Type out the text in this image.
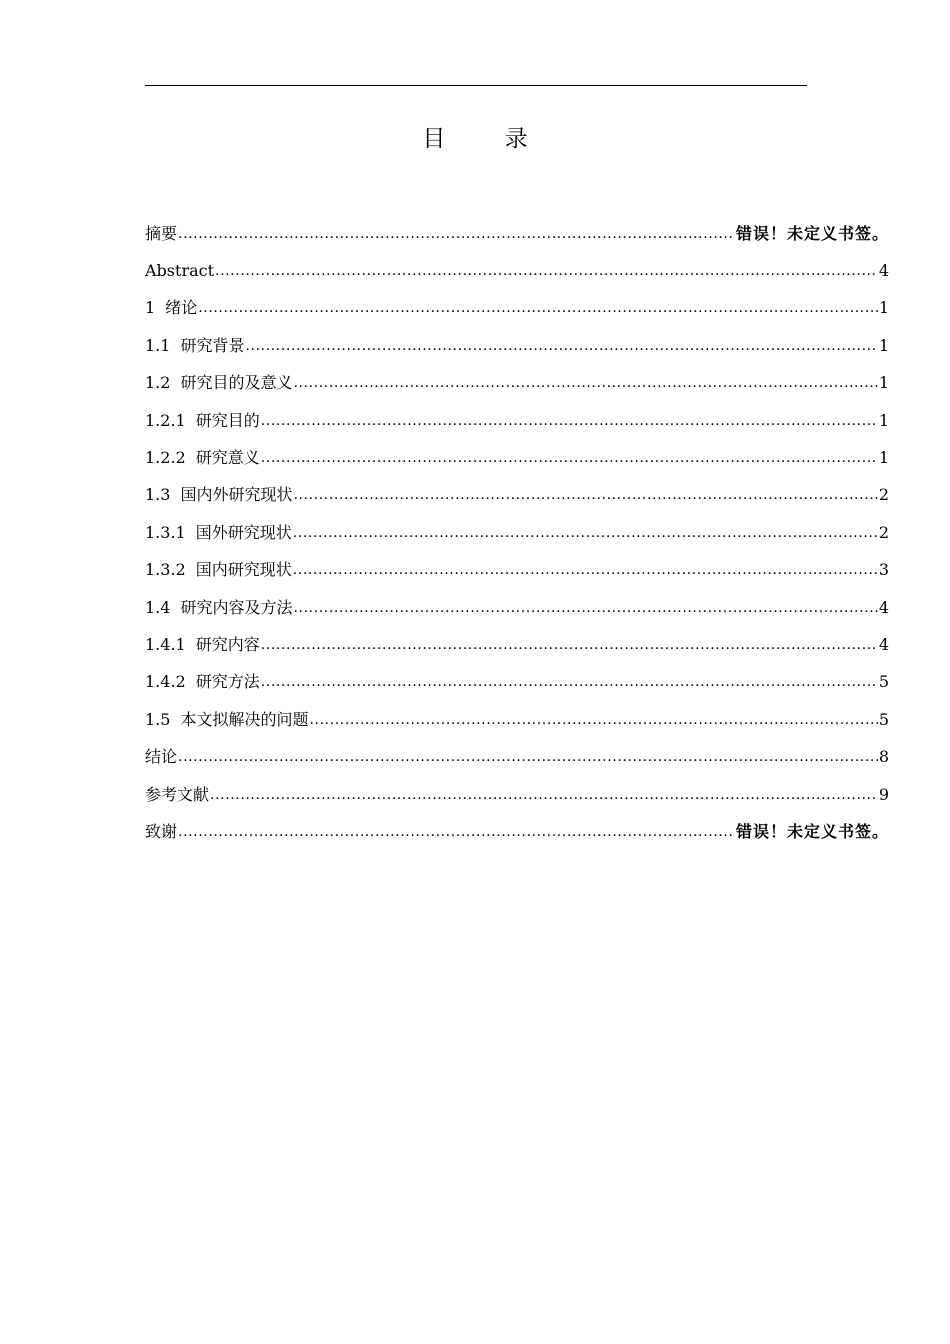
目 录
摘要 .....	错误！未定义书签。
Abstract .....	4
1 绪论 .....	1
1.1 研究背景 .....	1
1.2 研究目的及意义 .....	1
1.2.1 研究目的 .....	1
1.2.2 研究意义 .....	1
1.3 国内外研究现状 .....	2
1.3.1 国外研究现状 .....	2
1.3.2 国内研究现状 .....	3
1.4 研究内容及方法 .....	4
1.4.1 研究内容 .....	4
1.4.2 研究方法 .....	5
1.5 本文拟解决的问题 .....	5
结论 .....	8
参考文献 .....	9
致谢 .....	错误！未定义书签。
